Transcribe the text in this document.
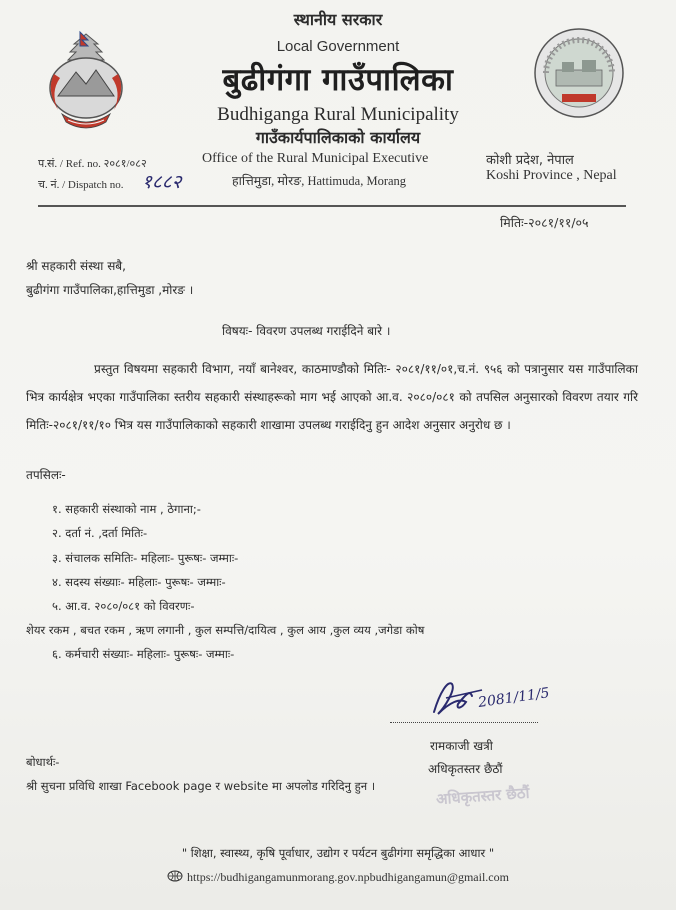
स्थानीय सरकार
Local Government
बुढीगंगा गाउँपालिका
Budhiganga Rural Municipality
गाउँकार्यपालिकाको कार्यालय
Office of the Rural Municipal Executive
हात्तिमुडा, मोरङ, Hattimuda, Morang
कोशी प्रदेश, नेपाल
Koshi Province , Nepal
प.सं. / Ref. no. २०८१/०८२
च. नं. / Dispatch no. १८८२
मितिः-२०८१/११/०५
श्री सहकारी संस्था सबै,
बुढीगंगा गाउँपालिका,हात्तिमुडा ,मोरङ ।
विषयः- विवरण उपलब्ध गराईदिने बारे ।
प्रस्तुत विषयमा सहकारी विभाग, नयाँ बानेश्वर, काठमाण्डौको मितिः- २०८१/११/०१,च.नं. ९५६ को पत्रानुसार यस गाउँपालिका भित्र कार्यक्षेत्र भएका गाउँपालिका स्तरीय सहकारी संस्थाहरूको माग भई आएको आ.व. २०८०/०८१ को तपसिल अनुसारको विवरण तयार गरि मितिः-२०८१/११/१० भित्र यस गाउँपालिकाको सहकारी शाखामा उपलब्ध गराईदिनु हुन आदेश अनुसार अनुरोध छ ।
तपसिलः-
१. सहकारी संस्थाको नाम , ठेगाना;-
२. दर्ता नं. ,दर्ता मितिः-
३. संचालक समितिः- महिलाः- पुरूषः- जम्माः-
४. सदस्य संख्याः- महिलाः- पुरूषः- जम्माः-
५. आ.व. २०८०/०८१ को विवरणः-
शेयर रकम , बचत रकम , ऋण लगानी , कुल सम्पत्ति/दायित्व , कुल आय ,कुल व्यय ,जगेडा कोष
६. कर्मचारी संख्याः- महिलाः- पुरूषः- जम्माः-
2081/11/5
रामकाजी खत्री
अधिकृतस्तर छैठौं
बोधार्थः-
श्री सुचना प्रविधि शाखा Facebook page र website मा अपलोड गरिदिनु हुन ।	अधिकृतस्तर छैठौं
" शिक्षा, स्वास्थ्य, कृषि पूर्वाधार, उद्योग र पर्यटन बुढीगंगा समृद्धिका आधार "
https://budhigangamunmorang.gov.npbudhigangamun@gmail.com
